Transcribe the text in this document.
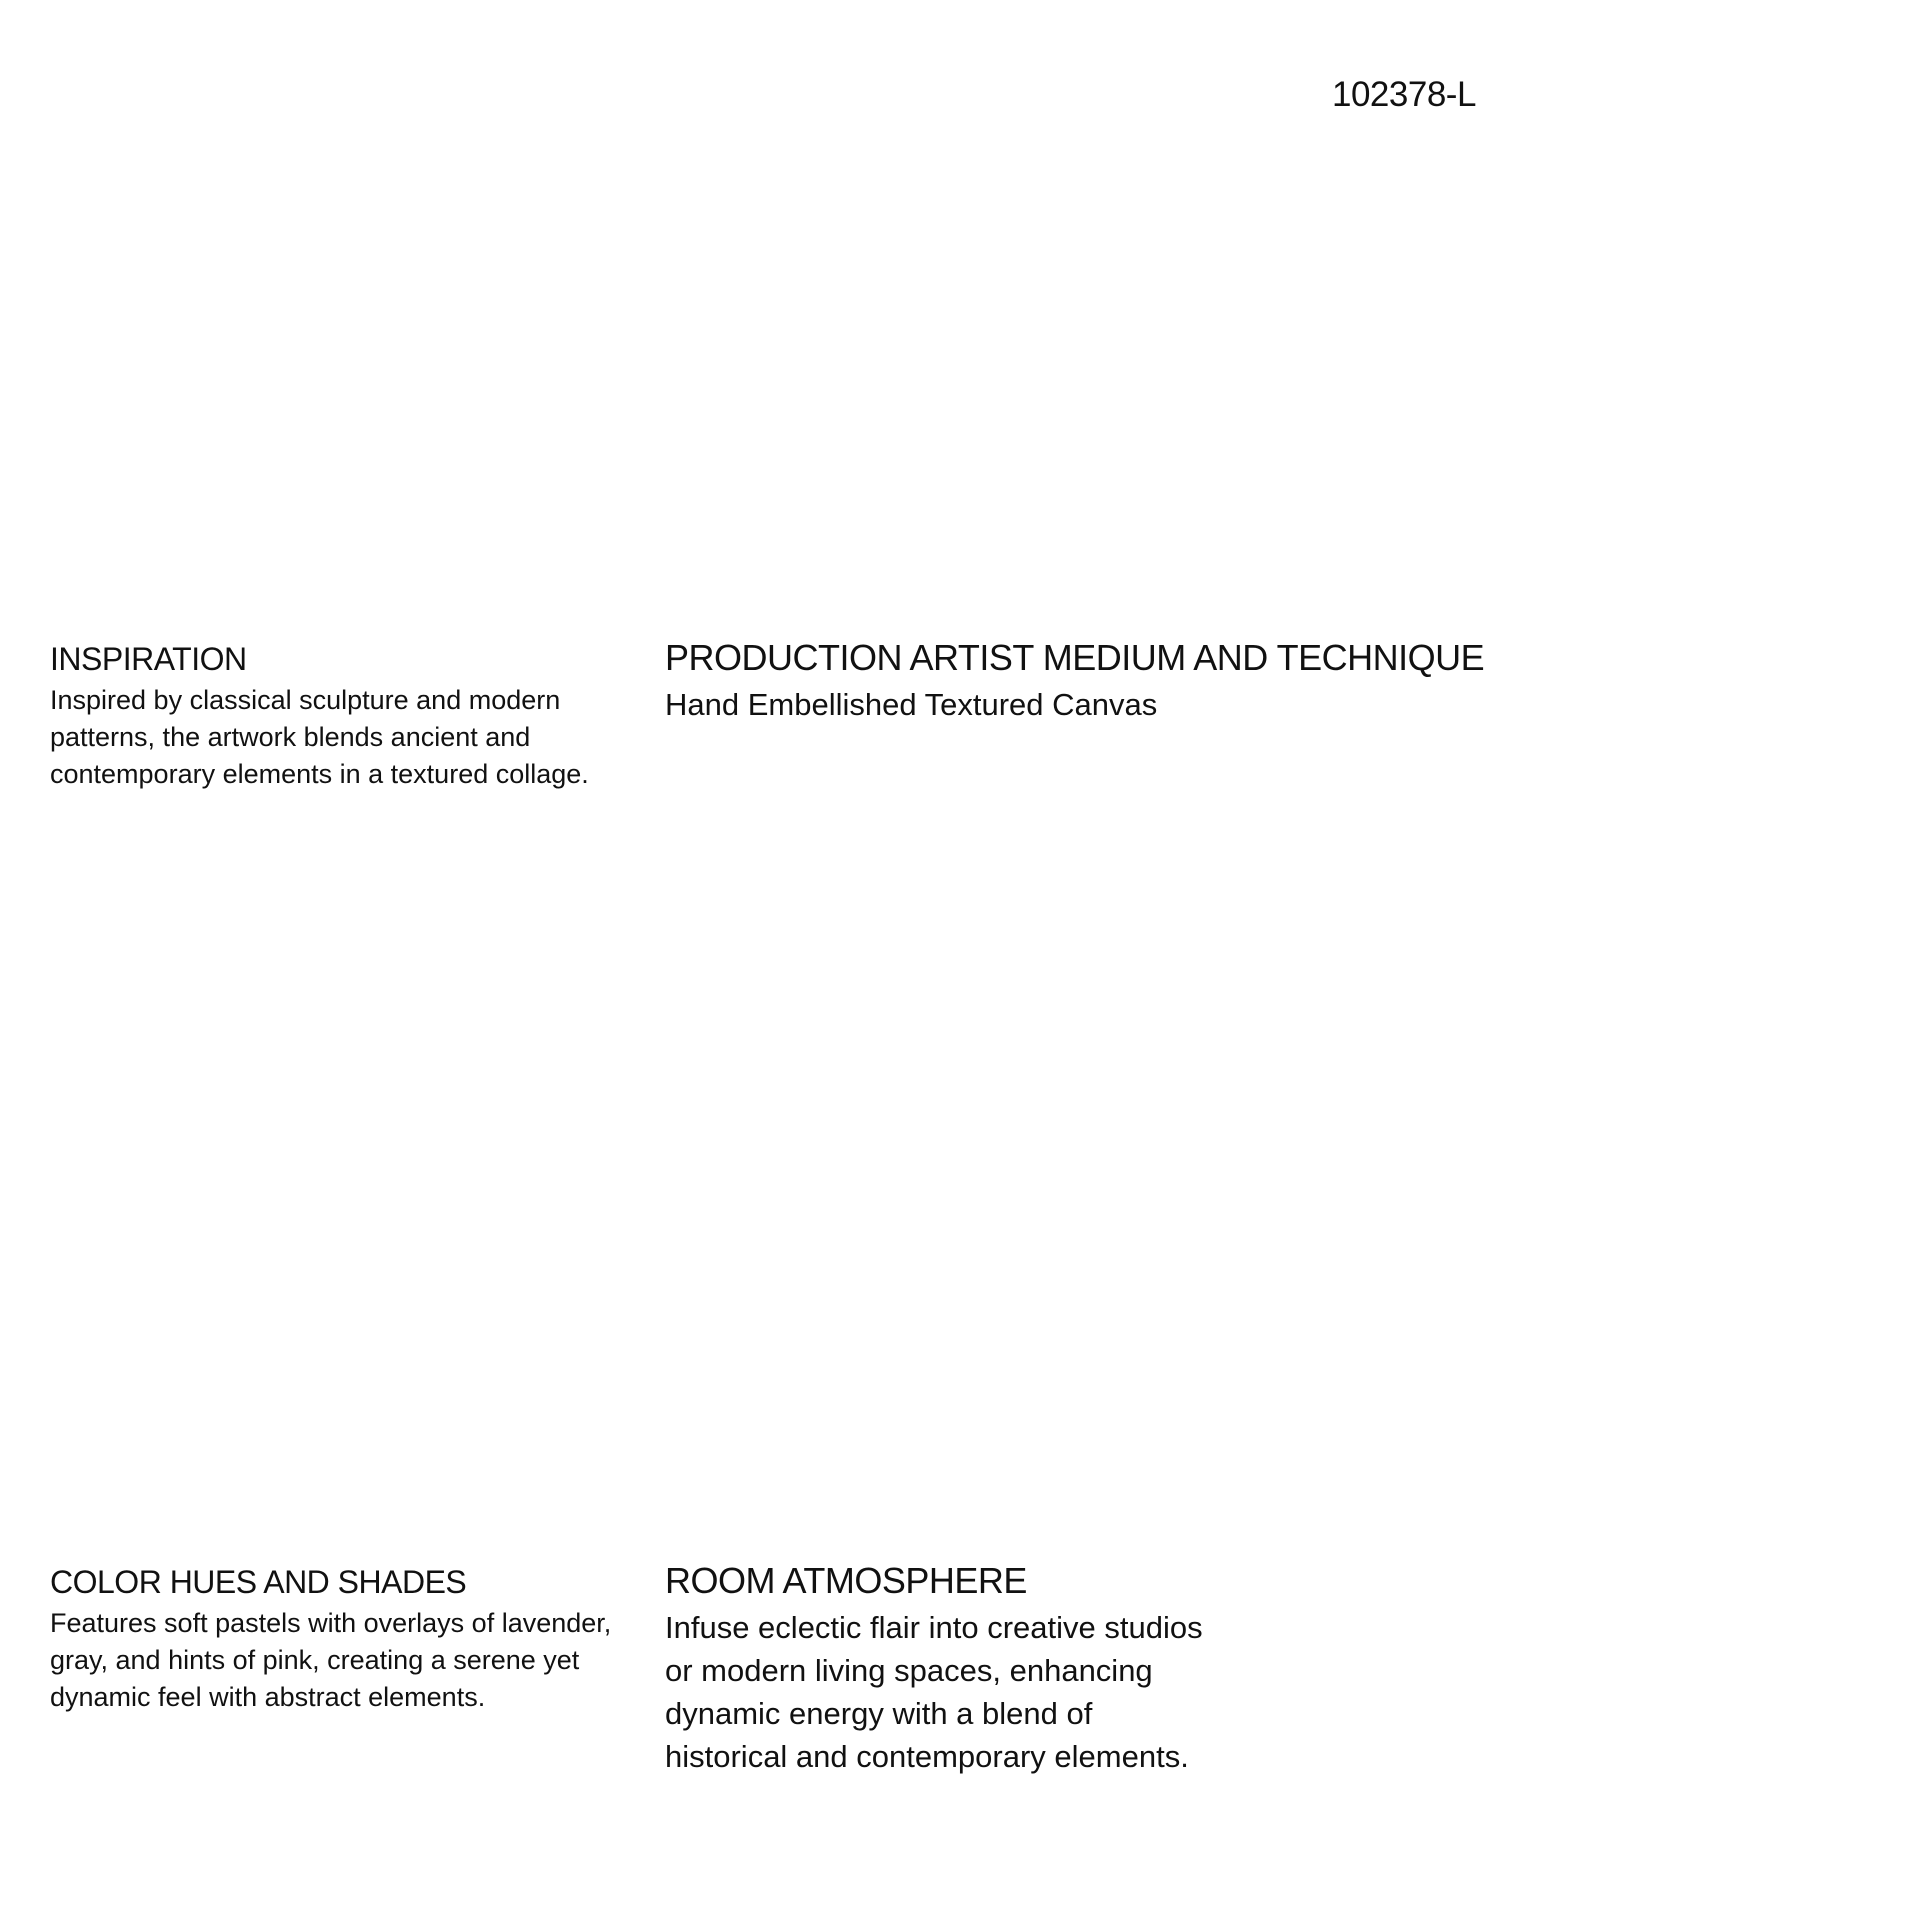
102378-L
INSPIRATION
Inspired by classical sculpture and modern
patterns, the artwork blends ancient and
contemporary elements in a textured collage.
PRODUCTION ARTIST MEDIUM AND TECHNIQUE
Hand Embellished Textured Canvas
COLOR HUES AND SHADES
Features soft pastels with overlays of lavender,
gray, and hints of pink, creating a serene yet
dynamic feel with abstract elements.
ROOM ATMOSPHERE
Infuse eclectic flair into creative studios
or modern living spaces, enhancing
dynamic energy with a blend of
historical and contemporary elements.
